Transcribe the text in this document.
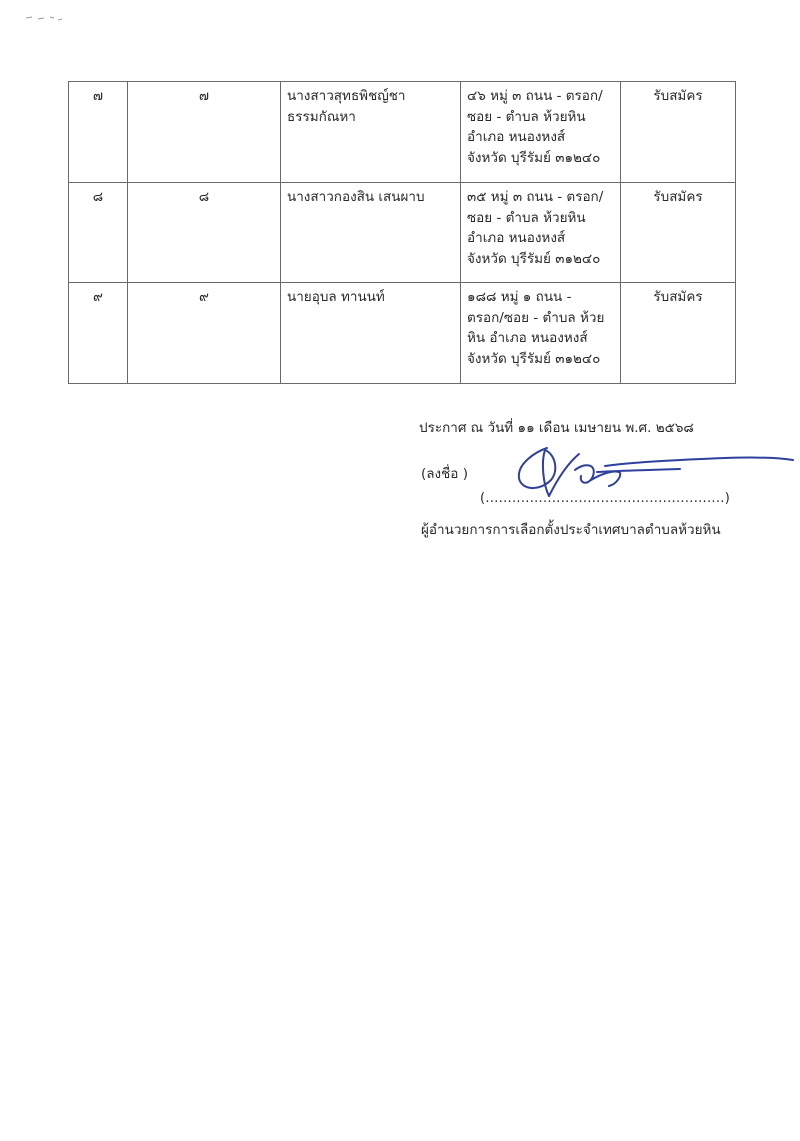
๗	๗	นางสาวสุทธพิชญ์ชา
ธรรมกัณหา	๔๖ หมู่ ๓ ถนน - ตรอก/
ซอย - ตำบล ห้วยหิน
อำเภอ หนองหงส์
จังหวัด บุรีรัมย์ ๓๑๒๔๐	รับสมัคร
๘	๘	นางสาวกองสิน เสนผาบ	๓๕ หมู่ ๓ ถนน - ตรอก/
ซอย - ตำบล ห้วยหิน
อำเภอ หนองหงส์
จังหวัด บุรีรัมย์ ๓๑๒๔๐	รับสมัคร
๙	๙	นายอุบล ทานนท์	๑๘๘ หมู่ ๑ ถนน -
ตรอก/ซอย - ตำบล ห้วย
หิน อำเภอ หนองหงส์
จังหวัด บุรีรัมย์ ๓๑๒๔๐	รับสมัคร
ประกาศ ณ วันที่ ๑๑ เดือน เมษายน พ.ศ. ๒๕๖๘
(ลงชื่อ )
(......................................................)
ผู้อำนวยการการเลือกตั้งประจำเทศบาลตำบลห้วยหิน
